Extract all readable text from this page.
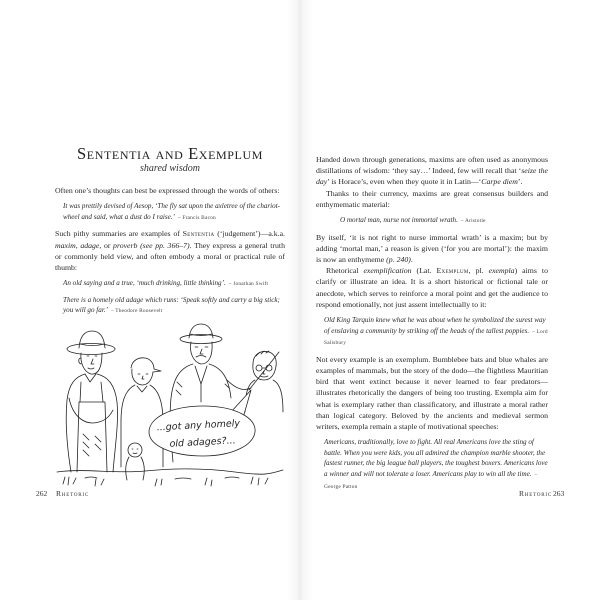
Sententia and Exemplum
shared wisdom

Often one’s thoughts can best be expressed through the words of others:

It was prettily devised of Aesop, ‘The fly sat upon the axletree of the chariot-wheel and said, what a dust do I raise.’ – Francis Bacon

Such pithy summaries are examples of Sententia (‘judgement’)—a.k.a. maxim, adage, or proverb (see pp. 366–7). They express a general truth or commonly held view, and often embody a moral or practical rule of thumb:

An old saying and a true, ‘much drinking, little thinking’. – Jonathan Swift
There is a homely old adage which runs: ‘Speak softly and carry a big stick; you will go far.’ – Theodore Roosevelt
...got any homely
old adages?...
262 Rhetoric

Handed down through generations, maxims are often used as anonymous distillations of wisdom: ‘they say…’ Indeed, few will recall that ‘seize the day’ is Horace’s, even when they quote it in Latin—‘Carpe diem’.

Thanks to their currency, maxims are great consensus builders and enthymematic material:

O mortal man, nurse not immortal wrath. – Aristotle

By itself, ‘it is not right to nurse immortal wrath’ is a maxim; but by adding ‘mortal man,’ a reason is given (‘for you are mortal’): the maxim is now an enthymeme (p. 240).

Rhetorical exemplification (Lat. Exemplum, pl. exempla) aims to clarify or illustrate an idea. It is a short historical or fictional tale or anecdote, which serves to reinforce a moral point and get the audience to respond emotionally, not just assent intellectually to it:

Old King Tarquin knew what he was about when he symbolized the surest way of enslaving a community by striking off the heads of the tallest poppies. – Lord Salisbury

Not every example is an exemplum. Bumblebee bats and blue whales are examples of mammals, but the story of the dodo—the flightless Mauritian bird that went extinct because it never learned to fear predators—illustrates rhetorically the dangers of being too trusting. Exempla aim for what is exemplary rather than classificatory, and illustrate a moral rather than logical category. Beloved by the ancients and medieval sermon writers, exempla remain a staple of motivational speeches:

Americans, traditionally, love to fight. All real Americans love the sting of battle. When you were kids, you all admired the champion marble shooter, the fastest runner, the big league ball players, the toughest boxers. Americans love a winner and will not tolerate a loser. Americans play to win all the time. – George Patton
Rhetoric 263
